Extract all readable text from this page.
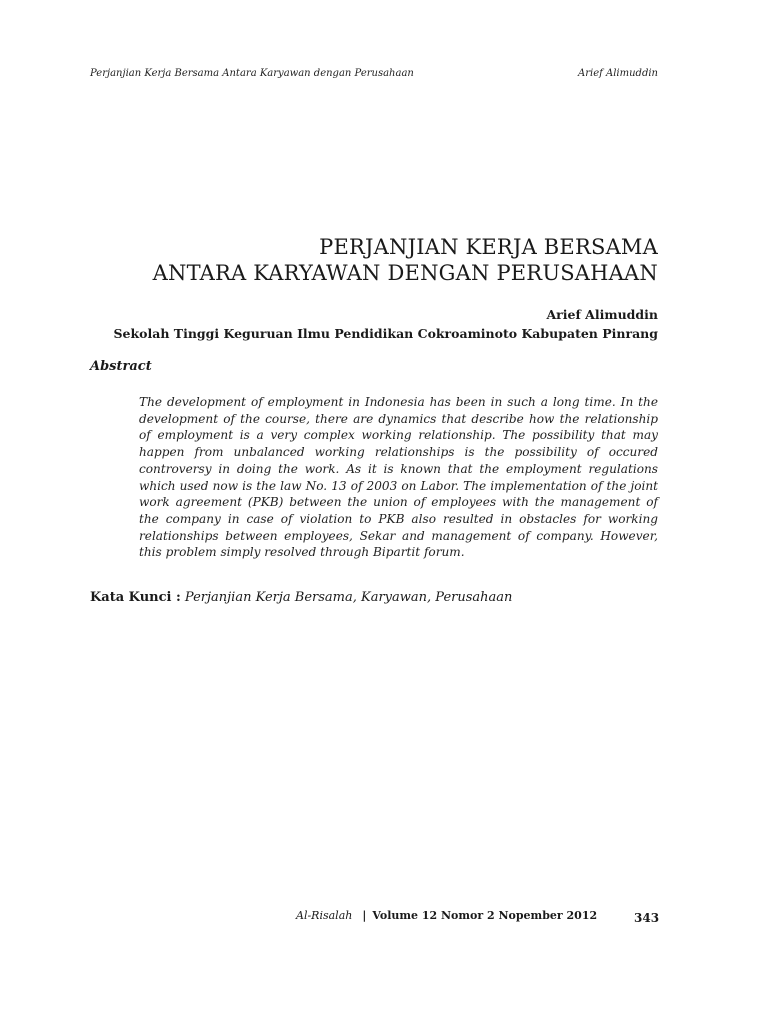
Perjanjian Kerja Bersama Antara Karyawan dengan Perusahaan	Arief Alimuddin
PERJANJIAN KERJA BERSAMA
ANTARA KARYAWAN DENGAN PERUSAHAAN
Arief Alimuddin
Sekolah Tinggi Keguruan Ilmu Pendidikan Cokroaminoto Kabupaten Pinrang
Abstract
The development of employment in Indonesia has been in such a long time. In the development of the course, there are dynamics that describe how the relationship of employment is a very complex working relationship. The possibility that may happen from unbalanced working relationships is the possibility of occured controversy in doing the work. As it is known that the employment regulations which used now is the law No. 13 of 2003 on Labor. The implementation of the joint work agreement (PKB) between the union of employees with the management of the company in case of violation to PKB also resulted in obstacles for working relationships between employees, Sekar and management of company. However, this problem simply resolved through Bipartit forum.
Kata Kunci : Perjanjian Kerja Bersama, Karyawan, Perusahaan
Al-Risalah | Volume 12 Nomor 2 Nopember 2012	343
